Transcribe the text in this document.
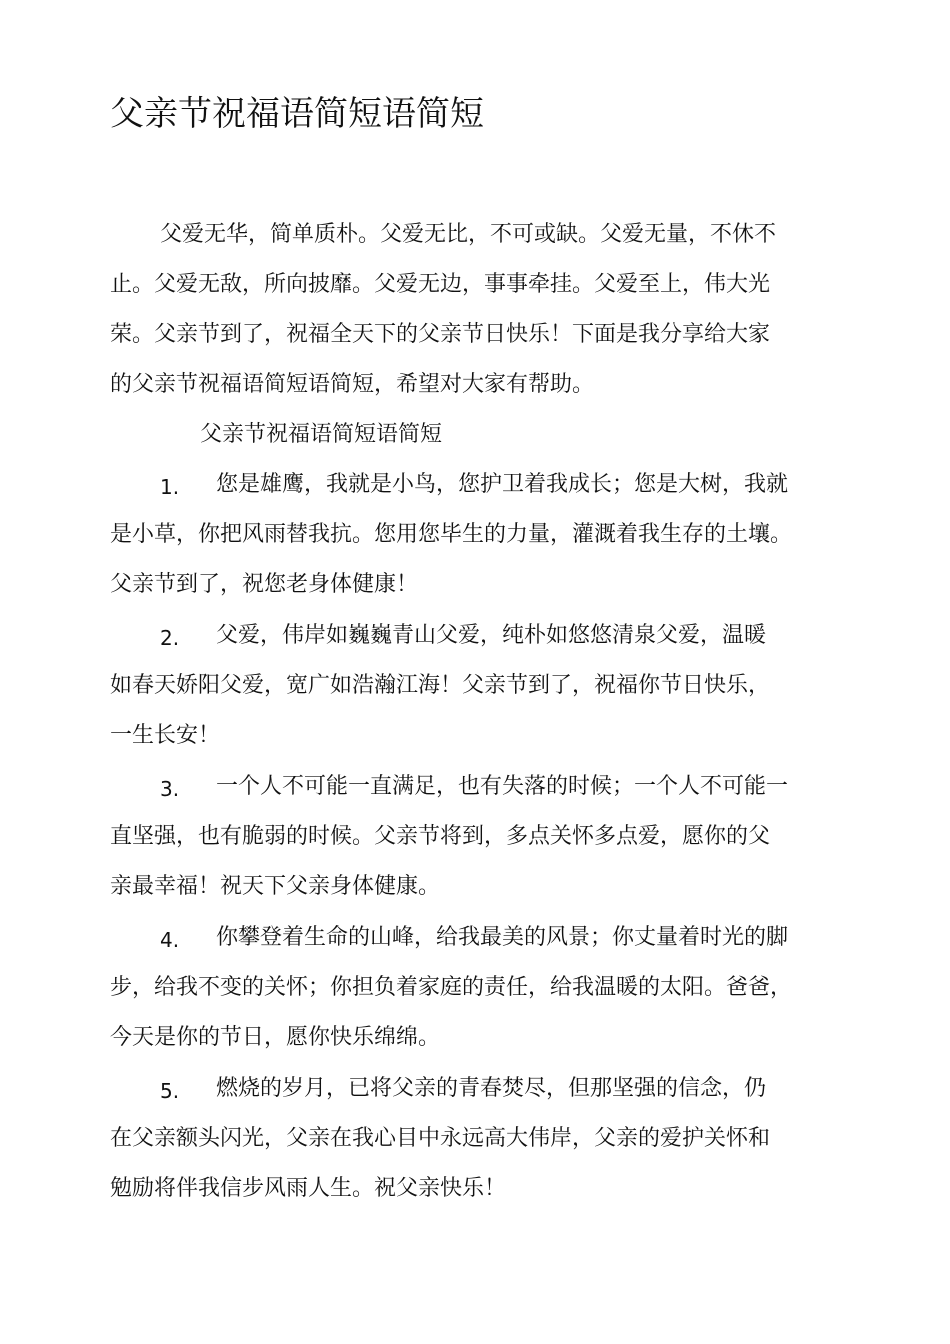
父亲节祝福语简短语简短

父爱无华，简单质朴。父爱无比，不可或缺。父爱无量，不休不

止。父爱无敌，所向披靡。父爱无边，事事牵挂。父爱至上，伟大光

荣。父亲节到了，祝福全天下的父亲节日快乐！下面是我分享给大家

的父亲节祝福语简短语简短，希望对大家有帮助。

父亲节祝福语简短语简短

1. 您是雄鹰，我就是小鸟，您护卫着我成长；您是大树，我就

是小草，你把风雨替我抗。您用您毕生的力量，灌溉着我生存的土壤。

父亲节到了，祝您老身体健康！

2. 父爱，伟岸如巍巍青山父爱，纯朴如悠悠清泉父爱，温暖

如春天娇阳父爱，宽广如浩瀚江海！父亲节到了，祝福你节日快乐，

一生长安！

3. 一个人不可能一直满足，也有失落的时候；一个人不可能一

直坚强，也有脆弱的时候。父亲节将到，多点关怀多点爱，愿你的父

亲最幸福！祝天下父亲身体健康。

4. 你攀登着生命的山峰，给我最美的风景；你丈量着时光的脚

步，给我不变的关怀；你担负着家庭的责任，给我温暖的太阳。爸爸，

今天是你的节日，愿你快乐绵绵。

5. 燃烧的岁月，已将父亲的青春焚尽，但那坚强的信念，仍

在父亲额头闪光，父亲在我心目中永远高大伟岸，父亲的爱护关怀和

勉励将伴我信步风雨人生。祝父亲快乐！
